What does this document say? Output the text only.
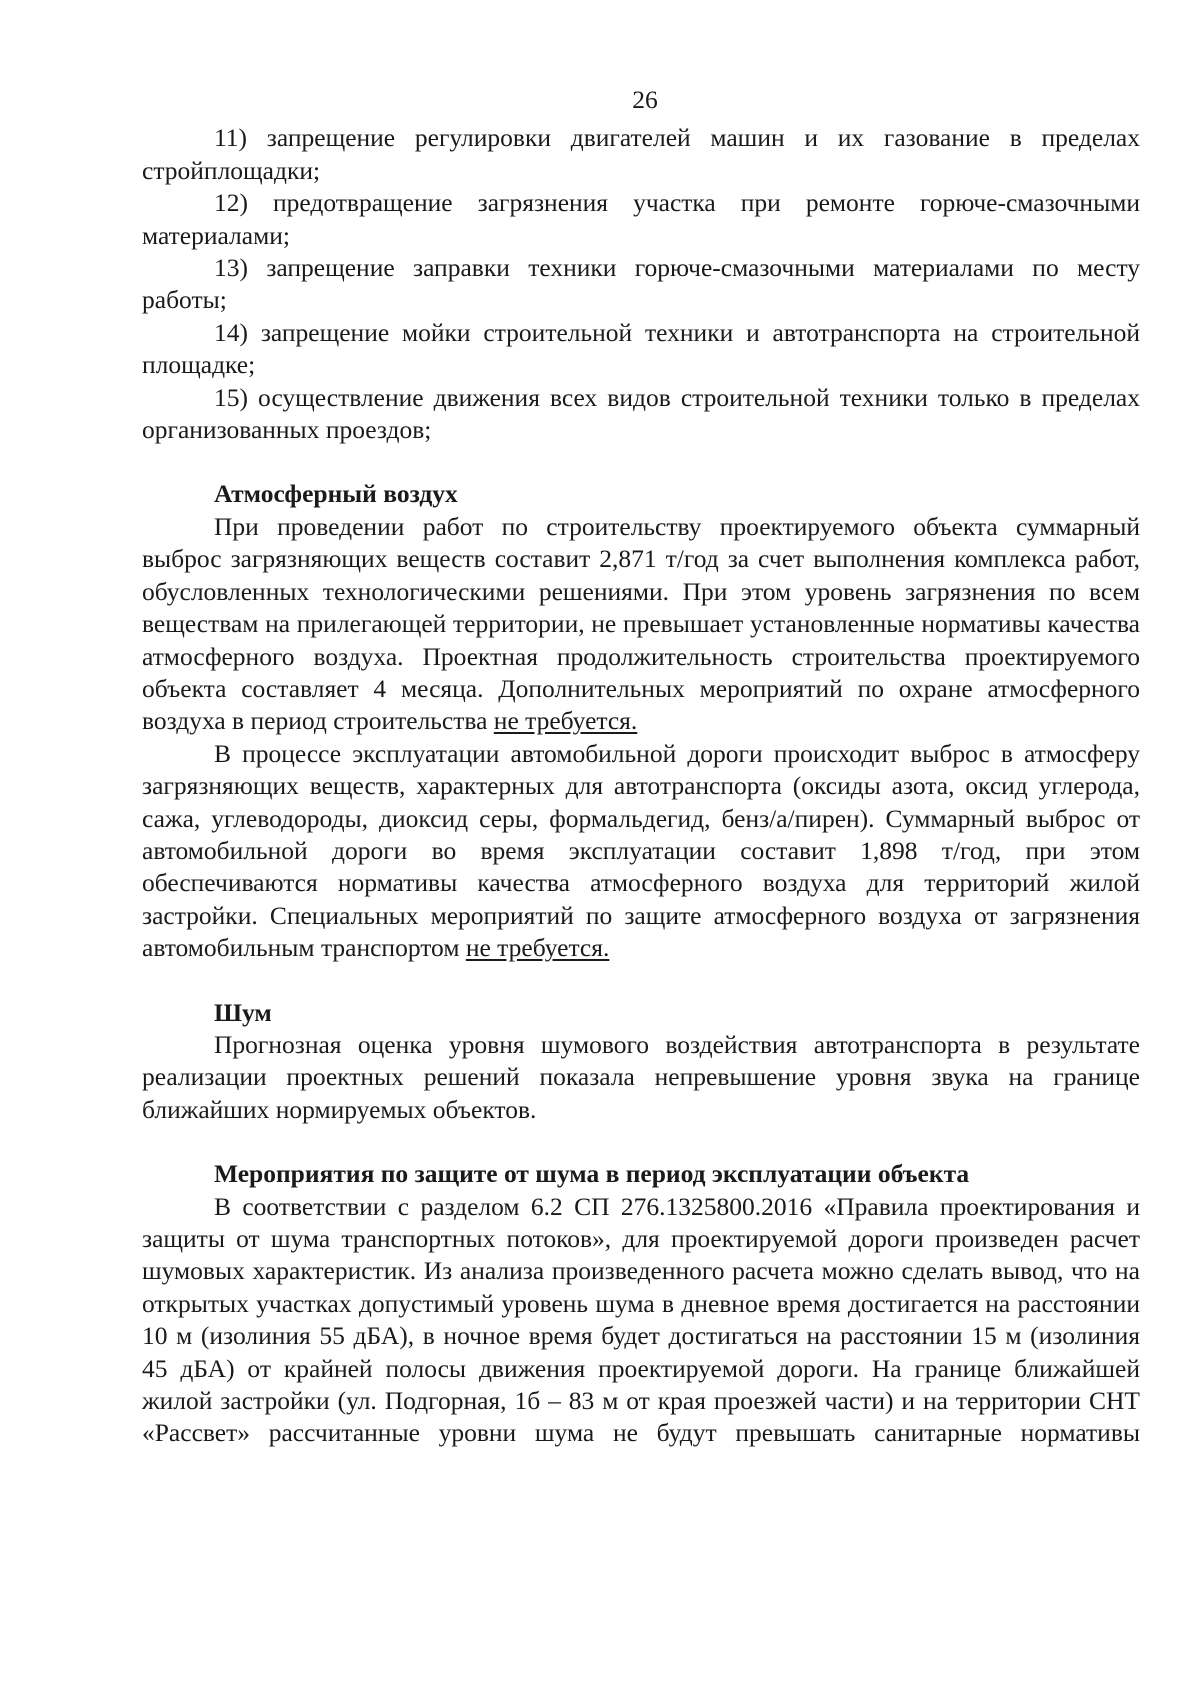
26

11) запрещение регулировки двигателей машин и их газование в пределах стройплощадки;

12) предотвращение загрязнения участка при ремонте горюче-смазочными материалами;

13) запрещение заправки техники горюче-смазочными материалами по месту работы;

14) запрещение мойки строительной техники и автотранспорта на строительной площадке;

15) осуществление движения всех видов строительной техники только в пределах организованных проездов;

Атмосферный воздух

При проведении работ по строительству проектируемого объекта суммарный выброс загрязняющих веществ составит 2,871 т/год за счет выполнения комплекса работ, обусловленных технологическими решениями. При этом уровень загрязнения по всем веществам на прилегающей территории, не превышает установленные нормативы качества атмосферного воздуха. Проектная продолжительность строительства проектируемого объекта составляет 4 месяца. Дополнительных мероприятий по охране атмосферного воздуха в период строительства не требуется.

В процессе эксплуатации автомобильной дороги происходит выброс в атмосферу загрязняющих веществ, характерных для автотранспорта (оксиды азота, оксид углерода, сажа, углеводороды, диоксид серы, формальдегид, бенз/а/пирен). Суммарный выброс от автомобильной дороги во время эксплуатации составит 1,898 т/год, при этом обеспечиваются нормативы качества атмосферного воздуха для территорий жилой застройки. Специальных мероприятий по защите атмосферного воздуха от загрязнения автомобильным транспортом не требуется.

Шум

Прогнозная оценка уровня шумового воздействия автотранспорта в результате реализации проектных решений показала непревышение уровня звука на границе ближайших нормируемых объектов.

Мероприятия по защите от шума в период эксплуатации объекта

В соответствии с разделом 6.2 СП 276.1325800.2016 «Правила проектирования и защиты от шума транспортных потоков», для проектируемой дороги произведен расчет шумовых характеристик. Из анализа произведенного расчета можно сделать вывод, что на открытых участках допустимый уровень шума в дневное время достигается на расстоянии 10 м (изолиния 55 дБА), в ночное время будет достигаться на расстоянии 15 м (изолиния 45 дБА) от крайней полосы движения проектируемой дороги. На границе ближайшей жилой застройки (ул. Подгорная, 1б – 83 м от края проезжей части) и на территории СНТ «Рассвет» рассчитанные уровни шума не будут превышать санитарные нормативы
